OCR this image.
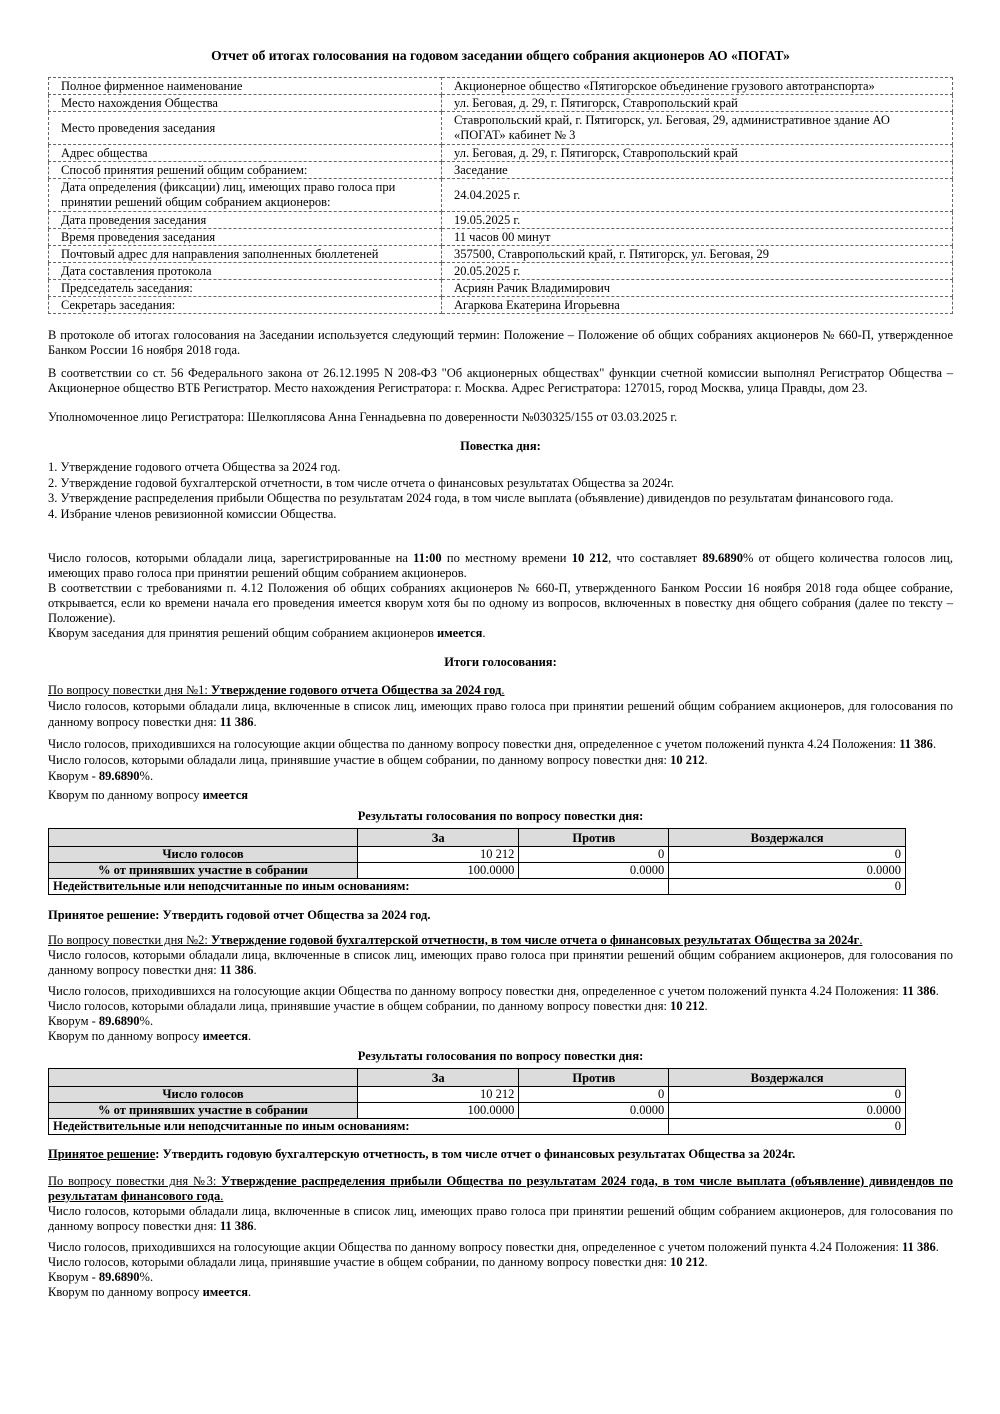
Отчет об итогах голосования на годовом заседании общего собрания акционеров АО «ПОГАТ»
Полное фирменное наименование	Акционерное общество «Пятигорское объединение грузового автотранспорта»
Место нахождения Общества	ул. Беговая, д. 29, г. Пятигорск, Ставропольский край
Место проведения заседания	Ставропольский край, г. Пятигорск, ул. Беговая, 29, административное здание АО «ПОГАТ» кабинет № 3
Адрес общества	ул. Беговая, д. 29, г. Пятигорск, Ставропольский край
Способ принятия решений общим собранием:	Заседание
Дата определения (фиксации) лиц, имеющих право голоса при принятии решений общим собранием акционеров:	24.04.2025 г.
Дата проведения заседания	19.05.2025 г.
Время проведения заседания	11 часов 00 минут
Почтовый адрес для направления заполненных бюллетеней	357500, Ставропольский край, г. Пятигорск, ул. Беговая, 29
Дата составления протокола	20.05.2025 г.
Председатель заседания:	Асриян Рачик Владимирович
Секретарь заседания:	Агаркова Екатерина Игорьевна

В протоколе об итогах голосования на Заседании используется следующий термин: Положение – Положение об общих собраниях акционеров № 660-П, утвержденное Банком России 16 ноября 2018 года.

В соответствии со ст. 56 Федерального закона от 26.12.1995 N 208-ФЗ "Об акционерных обществах" функции счетной комиссии выполнял Регистратор Общества – Акционерное общество ВТБ Регистратор. Место нахождения Регистратора: г. Москва. Адрес Регистратора: 127015, город Москва, улица Правды, дом 23.

Уполномоченное лицо Регистратора: Шелкоплясова Анна Геннадьевна по доверенности №030325/155 от 03.03.2025 г.

Повестка дня:

1. Утверждение годового отчета Общества за 2024 год.

2. Утверждение годовой бухгалтерской отчетности, в том числе отчета о финансовых результатах Общества за 2024г.

3. Утверждение распределения прибыли Общества по результатам 2024 года, в том числе выплата (объявление) дивидендов по результатам финансового года.

4. Избрание членов ревизионной комиссии Общества.

Число голосов, которыми обладали лица, зарегистрированные на 11:00 по местному времени 10 212, что составляет 89.6890% от общего количества голосов лиц, имеющих право голоса при принятии решений общим собранием акционеров.

В соответствии с требованиями п. 4.12 Положения об общих собраниях акционеров № 660-П, утвержденного Банком России 16 ноября 2018 года общее собрание, открывается, если ко времени начала его проведения имеется кворум хотя бы по одному из вопросов, включенных в повестку дня общего собрания (далее по тексту – Положение).

Кворум заседания для принятия решений общим собранием акционеров имеется.

Итоги голосования:

По вопросу повестки дня №1: Утверждение годового отчета Общества за 2024 год.

Число голосов, которыми обладали лица, включенные в список лиц, имеющих право голоса при принятии решений общим собранием акционеров, для голосования по данному вопросу повестки дня: 11 386.

Число голосов, приходившихся на голосующие акции общества по данному вопросу повестки дня, определенное с учетом положений пункта 4.24 Положения: 11 386.

Число голосов, которыми обладали лица, принявшие участие в общем собрании, по данному вопросу повестки дня: 10 212.

Кворум - 89.6890%.

Кворум по данному вопросу имеется

Результаты голосования по вопросу повестки дня:

	За	Против	Воздержался
Число голосов	10 212	0	0
% от принявших участие в собрании	100.0000	0.0000	0.0000
Недействительные или неподсчитанные по иным основаниям:			0

Принятое решение: Утвердить годовой отчет Общества за 2024 год.

По вопросу повестки дня №2: Утверждение годовой бухгалтерской отчетности, в том числе отчета о финансовых результатах Общества за 2024г.

Число голосов, которыми обладали лица, включенные в список лиц, имеющих право голоса при принятии решений общим собранием акционеров, для голосования по данному вопросу повестки дня: 11 386.

Число голосов, приходившихся на голосующие акции Общества по данному вопросу повестки дня, определенное с учетом положений пункта 4.24 Положения: 11 386.

Число голосов, которыми обладали лица, принявшие участие в общем собрании, по данному вопросу повестки дня: 10 212.

Кворум - 89.6890%.

Кворум по данному вопросу имеется.

Результаты голосования по вопросу повестки дня:

	За	Против	Воздержался
Число голосов	10 212	0	0
% от принявших участие в собрании	100.0000	0.0000	0.0000
Недействительные или неподсчитанные по иным основаниям:			0

Принятое решение: Утвердить годовую бухгалтерскую отчетность, в том числе отчет о финансовых результатах Общества за 2024г.

По вопросу повестки дня №3: Утверждение распределения прибыли Общества по результатам 2024 года, в том числе выплата (объявление) дивидендов по результатам финансового года.

Число голосов, которыми обладали лица, включенные в список лиц, имеющих право голоса при принятии решений общим собранием акционеров, для голосования по данному вопросу повестки дня: 11 386.

Число голосов, приходившихся на голосующие акции Общества по данному вопросу повестки дня, определенное с учетом положений пункта 4.24 Положения: 11 386.

Число голосов, которыми обладали лица, принявшие участие в общем собрании, по данному вопросу повестки дня: 10 212.

Кворум - 89.6890%.

Кворум по данному вопросу имеется.
